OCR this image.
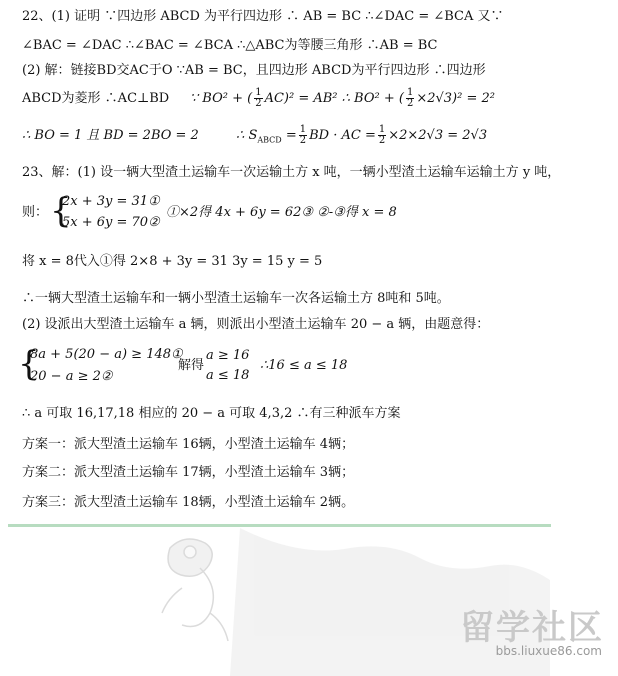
22、(1) 证明 ∵四边形 ABCD 为平行四边形 ∴ AB = BC ∴∠DAC = ∠BCA 又∵
∠BAC = ∠DAC ∴∠BAC = ∠BCA ∴△ABC为等腰三角形 ∴AB = BC
(2) 解：链接BD交AC于O ∵AB = BC，且四边形 ABCD为平行四边形 ∴四边形
ABCD为菱形 ∴AC⊥BD ∵ BO² + ( $\frac{1}{2} AC)^2 = AB^2$ ∴ BO² + ( $\frac{1}{2} \times 2√3)^2 = 2^2$
∴ BO = 1 且 BD = 2BO = 2	∴ $S_{ABCD} = \frac{1}{2}$ BD · AC = $\frac{1}{2} \times 2\times 2√3 = 2√3$
23、解：(1) 设一辆大型渣土运输车一次运输土方 x 吨，一辆小型渣土运输车运输土方 y 吨，
则： {
2x + 3y = 31①
5x + 6y = 70②
①×2得 4x + 6y = 62③ ②-③得 x = 8
将 x = 8代入①得 2×8 + 3y = 31 3y = 15 y = 5
∴一辆大型渣土运输车和一辆小型渣土运输车一次各运输土方 8吨和 5吨。
(2) 设派出大型渣土运输车 a 辆，则派出小型渣土运输车 20 − a 辆，由题意得：
{
8a + 5(20 − a) ≥ 148①
20 − a ≥ 2②
解得
a ≥ 16
a ≤ 18
∴16 ≤ a ≤ 18
∴ a 可取 16,17,18 相应的 20 − a 可取 4,3,2 ∴有三种派车方案
方案一：派大型渣土运输车 16辆，小型渣土运输车 4辆；
方案二：派大型渣土运输车 17辆，小型渣土运输车 3辆；
方案三：派大型渣土运输车 18辆，小型渣土运输车 2辆。
留学社区
bbs.liuxue86.com
